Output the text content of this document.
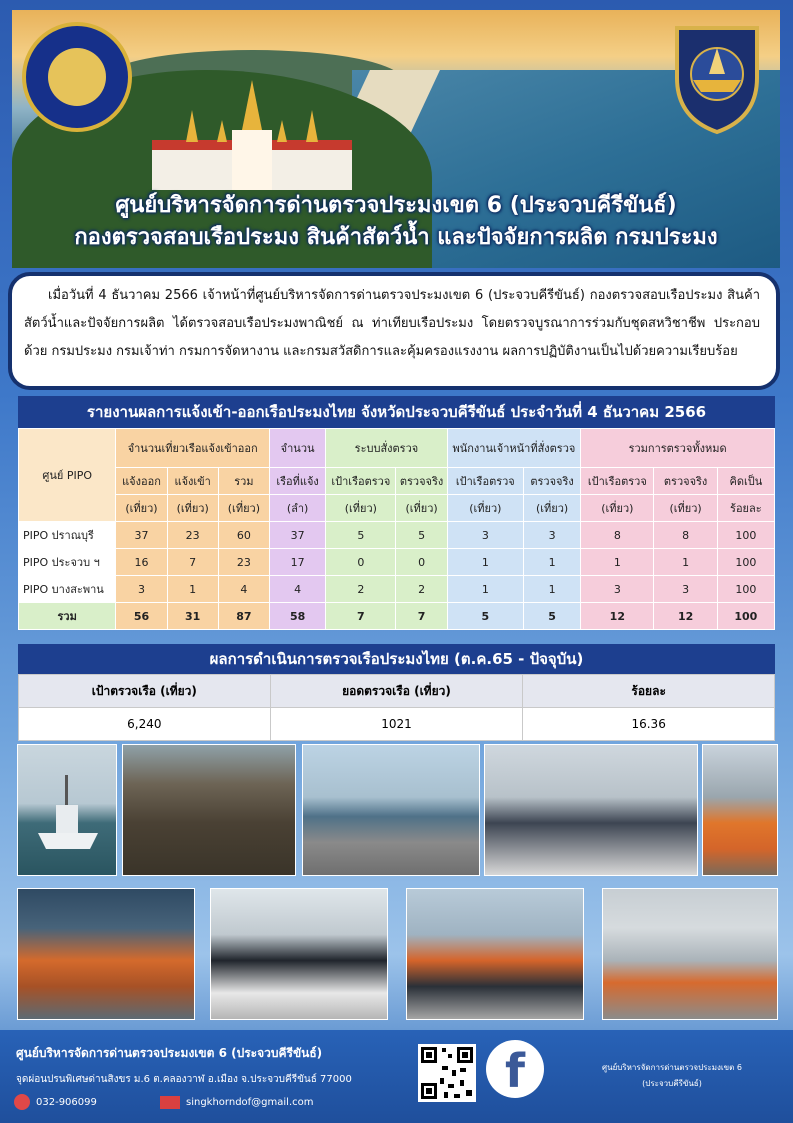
ศูนย์บริหารจัดการด่านตรวจประมงเขต 6 (ประจวบคีรีขันธ์)
กองตรวจสอบเรือประมง สินค้าสัตว์น้ำ และปัจจัยการผลิต กรมประมง
เมื่อวันที่ 4 ธันวาคม 2566 เจ้าหน้าที่ศูนย์บริหารจัดการด่านตรวจประมงเขต 6 (ประจวบคีรีขันธ์) กองตรวจสอบเรือประมง สินค้าสัตว์น้ำและปัจจัยการผลิต ได้ตรวจสอบเรือประมงพาณิชย์ ณ ท่าเทียบเรือประมง โดยตรวจบูรณาการร่วมกับชุดสหวิชาชีพ ประกอบด้วย กรมประมง กรมเจ้าท่า กรมการจัดหางาน และกรมสวัสดิการและคุ้มครองแรงงาน ผลการปฏิบัติงานเป็นไปด้วยความเรียบร้อย
รายงานผลการแจ้งเข้า-ออกเรือประมงไทย จังหวัดประจวบคีรีขันธ์ ประจำวันที่ 4 ธันวาคม 2566
ศูนย์ PIPO	จำนวนเที่ยวเรือแจ้งเข้าออก			จำนวน	ระบบสั่งตรวจ		พนักงานเจ้าหน้าที่สั่งตรวจ		รวมการตรวจทั้งหมด		
	แจ้งออก	แจ้งเข้า	รวม	เรือที่แจ้ง	เป้าเรือตรวจ	ตรวจจริง	เป้าเรือตรวจ	ตรวจจริง	เป้าเรือตรวจ	ตรวจจริง	คิดเป็น
	(เที่ยว)	(เที่ยว)	(เที่ยว)	(ลำ)	(เที่ยว)	(เที่ยว)	(เที่ยว)	(เที่ยว)	(เที่ยว)	(เที่ยว)	ร้อยละ
PIPO ปราณบุรี	37	23	60	37	5	5	3	3	8	8	100
PIPO ประจวบ ฯ	16	7	23	17	0	0	1	1	1	1	100
PIPO บางสะพาน	3	1	4	4	2	2	1	1	3	3	100
รวม	56	31	87	58	7	7	5	5	12	12	100
ผลการดำเนินการตรวจเรือประมงไทย (ต.ค.65 - ปัจจุบัน)
เป้าตรวจเรือ (เที่ยว)	ยอดตรวจเรือ (เที่ยว)	ร้อยละ
6,240	1021	16.36
ศูนย์บริหารจัดการด่านตรวจประมงเขต 6 (ประจวบคีรีขันธ์)
จุดผ่อนปรนพิเศษด่านสิงขร ม.6 ต.คลองวาฬ อ.เมือง จ.ประจวบคีรีขันธ์ 77000
032-906099	singkhorndof@gmail.com
f	ศูนย์บริหารจัดการด่านตรวจประมงเขต 6
(ประจวบคีรีขันธ์)
